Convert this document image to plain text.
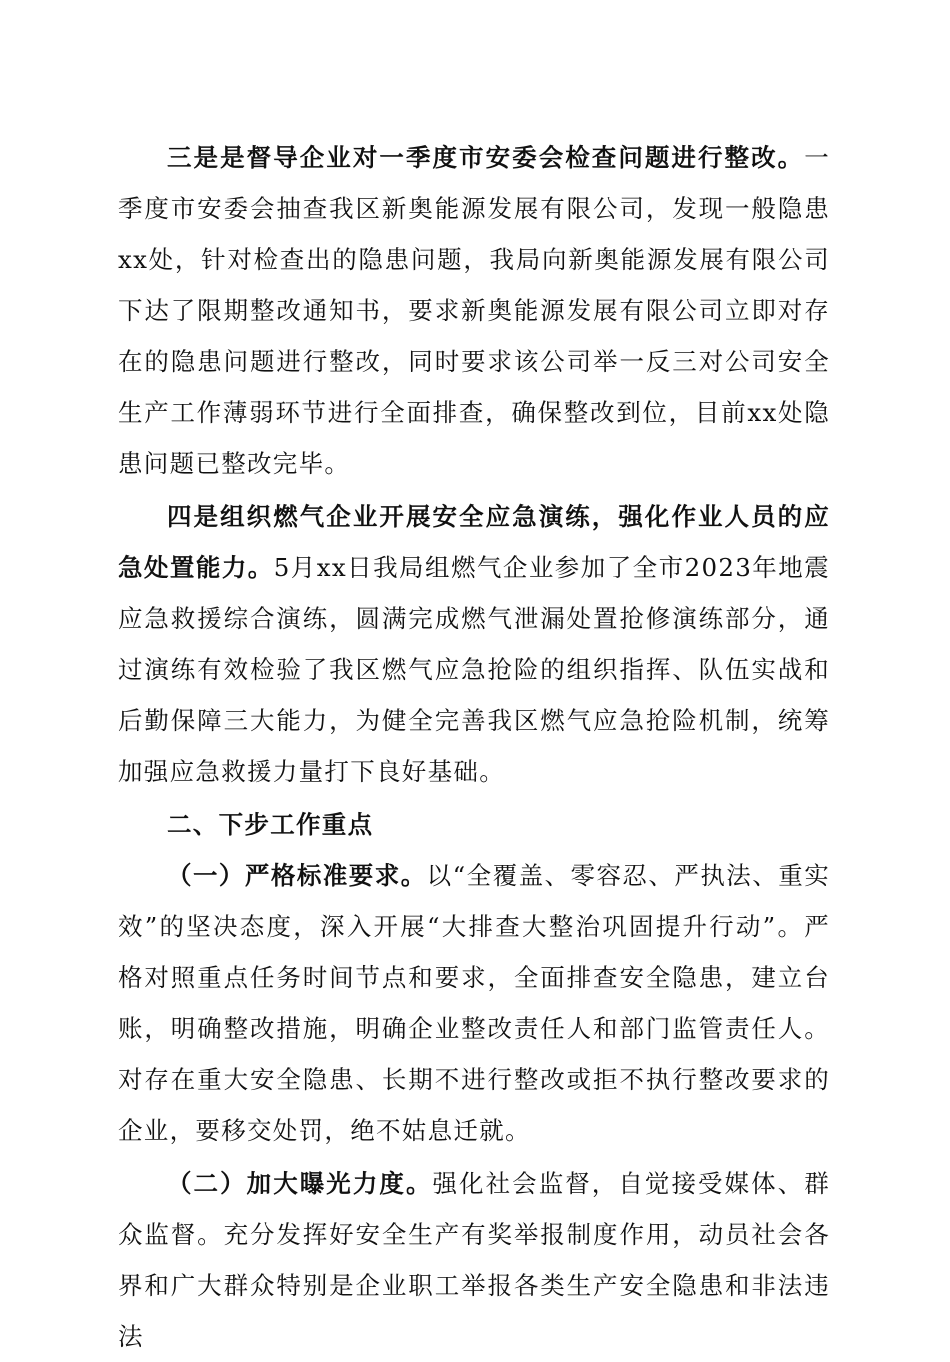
三是是督导企业对一季度市安委会检查问题进行整改。一季度市安委会抽查我区新奥能源发展有限公司，发现一般隐患xx处，针对检查出的隐患问题，我局向新奥能源发展有限公司下达了限期整改通知书，要求新奥能源发展有限公司立即对存在的隐患问题进行整改，同时要求该公司举一反三对公司安全生产工作薄弱环节进行全面排查，确保整改到位，目前xx处隐患问题已整改完毕。

四是组织燃气企业开展安全应急演练，强化作业人员的应急处置能力。5月xx日我局组燃气企业参加了全市2023年地震应急救援综合演练，圆满完成燃气泄漏处置抢修演练部分，通过演练有效检验了我区燃气应急抢险的组织指挥、队伍实战和后勤保障三大能力，为健全完善我区燃气应急抢险机制，统筹加强应急救援力量打下良好基础。

二、下步工作重点

（一）严格标准要求。以“全覆盖、零容忍、严执法、重实效”的坚决态度，深入开展“大排查大整治巩固提升行动”。严格对照重点任务时间节点和要求，全面排查安全隐患，建立台账，明确整改措施，明确企业整改责任人和部门监管责任人。对存在重大安全隐患、长期不进行整改或拒不执行整改要求的企业，要移交处罚，绝不姑息迁就。

（二）加大曝光力度。强化社会监督，自觉接受媒体、群众监督。充分发挥好安全生产有奖举报制度作用，动员社会各界和广大群众特别是企业职工举报各类生产安全隐患和非法违法
